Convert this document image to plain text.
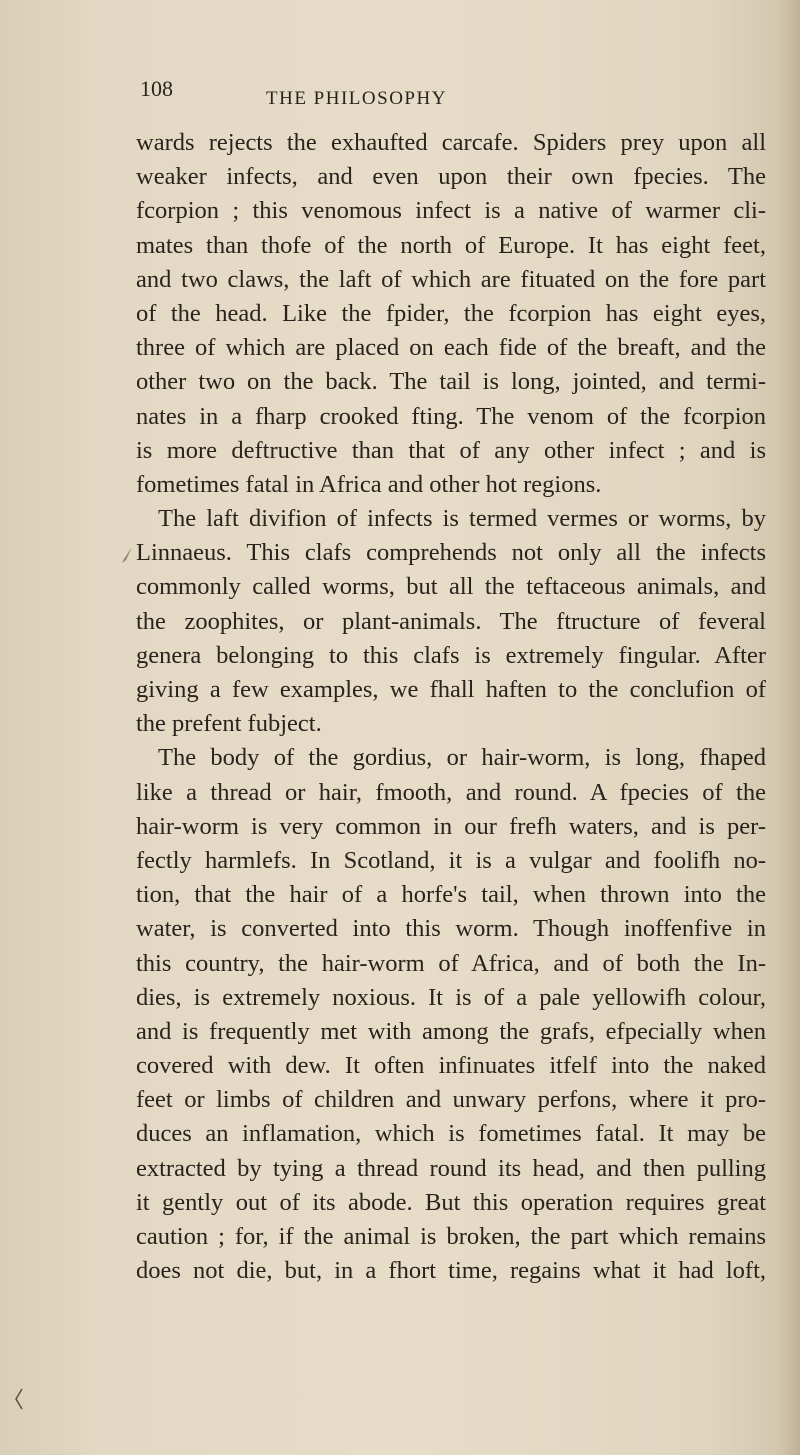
108	THE PHILOSOPHY
wards rejects the exhaufted carcafe. Spiders prey upon all
weaker infects, and even upon their own fpecies. The
fcorpion ; this venomous infect is a native of warmer cli-
mates than thofe of the north of Europe. It has eight feet,
and two claws, the laft of which are fituated on the fore part
of the head. Like the fpider, the fcorpion has eight eyes,
three of which are placed on each fide of the breaft, and the
other two on the back. The tail is long, jointed, and termi-
nates in a fharp crooked fting. The venom of the fcorpion
is more deftructive than that of any other infect ; and is
fometimes fatal in Africa and other hot regions.
The laft divifion of infects is termed vermes or worms, by
Linnaeus. This clafs comprehends not only all the infects
commonly called worms, but all the teftaceous animals, and
the zoophites, or plant-animals. The ftructure of feveral
genera belonging to this clafs is extremely fingular. After
giving a few examples, we fhall haften to the conclufion of
the prefent fubject.
The body of the gordius, or hair-worm, is long, fhaped
like a thread or hair, fmooth, and round. A fpecies of the
hair-worm is very common in our frefh waters, and is per-
fectly harmlefs. In Scotland, it is a vulgar and foolifh no-
tion, that the hair of a horfe's tail, when thrown into the
water, is converted into this worm. Though inoffenfive in
this country, the hair-worm of Africa, and of both the In-
dies, is extremely noxious. It is of a pale yellowifh colour,
and is frequently met with among the grafs, efpecially when
covered with dew. It often infinuates itfelf into the naked
feet or limbs of children and unwary perfons, where it pro-
duces an inflamation, which is fometimes fatal. It may be
extracted by tying a thread round its head, and then pulling
it gently out of its abode. But this operation requires great
caution ; for, if the animal is broken, the part which remains
does not die, but, in a fhort time, regains what it had loft,
